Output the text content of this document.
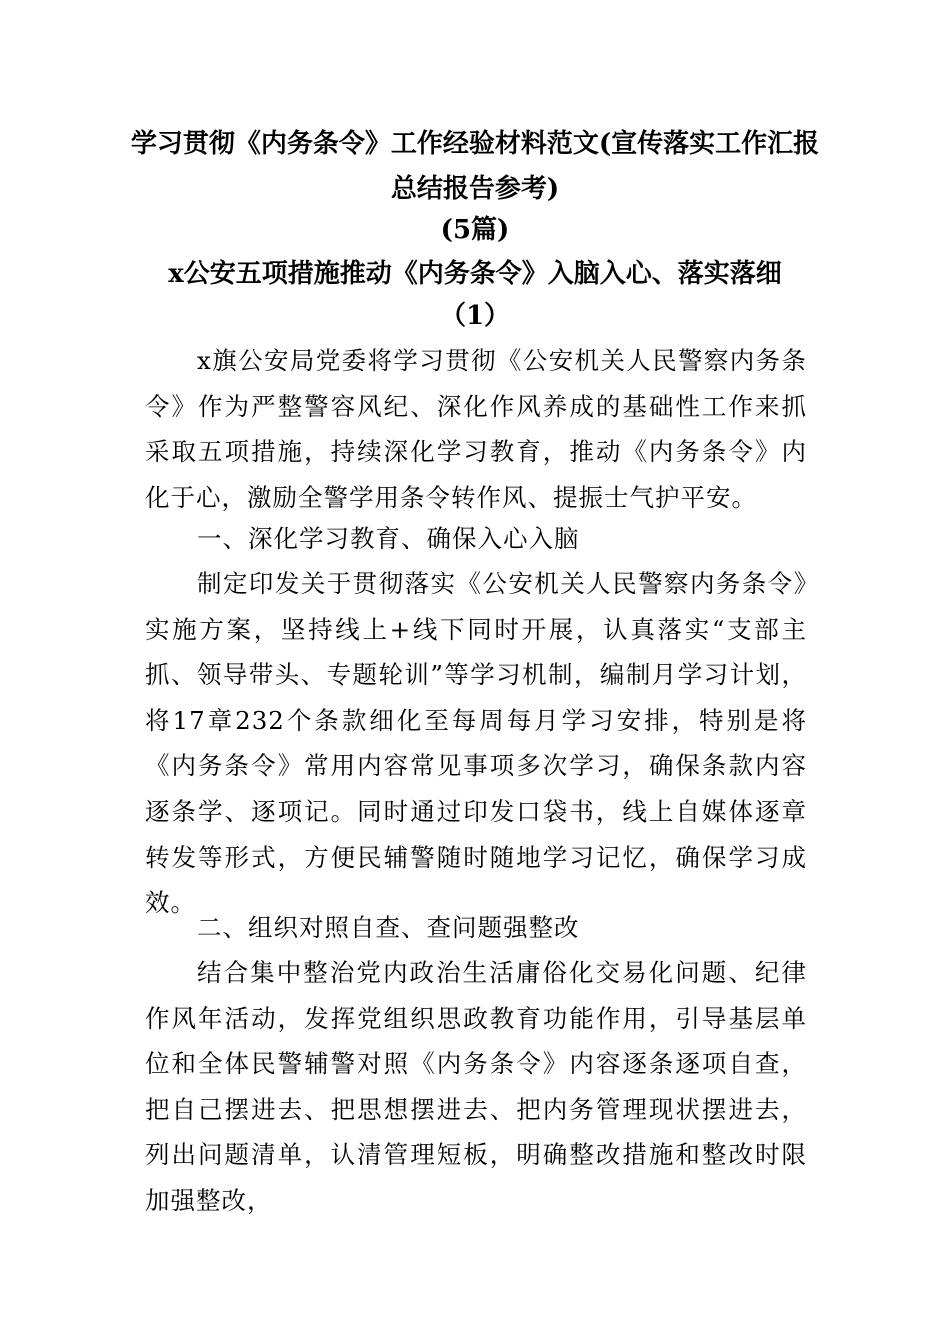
学习贯彻《内务条令》工作经验材料范文(宣传落实工作汇报总结报告参考)
(5篇)
x公安五项措施推动《内务条令》入脑入心、落实落细
（1）
x旗公安局党委将学习贯彻《公安机关人民警察内务条令》作为严整警容风纪、深化作风养成的基础性工作来抓采取五项措施，持续深化学习教育，推动《内务条令》内化于心，激励全警学用条令转作风、提振士气护平安。
一、深化学习教育、确保入心入脑
制定印发关于贯彻落实《公安机关人民警察内务条令》实施方案，坚持线上+线下同时开展，认真落实“支部主抓、领导带头、专题轮训”等学习机制，编制月学习计划，将17章232个条款细化至每周每月学习安排，特别是将《内务条令》常用内容常见事项多次学习，确保条款内容逐条学、逐项记。同时通过印发口袋书，线上自媒体逐章转发等形式，方便民辅警随时随地学习记忆，确保学习成效。
二、组织对照自查、查问题强整改
结合集中整治党内政治生活庸俗化交易化问题、纪律作风年活动，发挥党组织思政教育功能作用，引导基层单位和全体民警辅警对照《内务条令》内容逐条逐项自查，把自己摆进去、把思想摆进去、把内务管理现状摆进去，列出问题清单，认清管理短板，明确整改措施和整改时限加强整改，
